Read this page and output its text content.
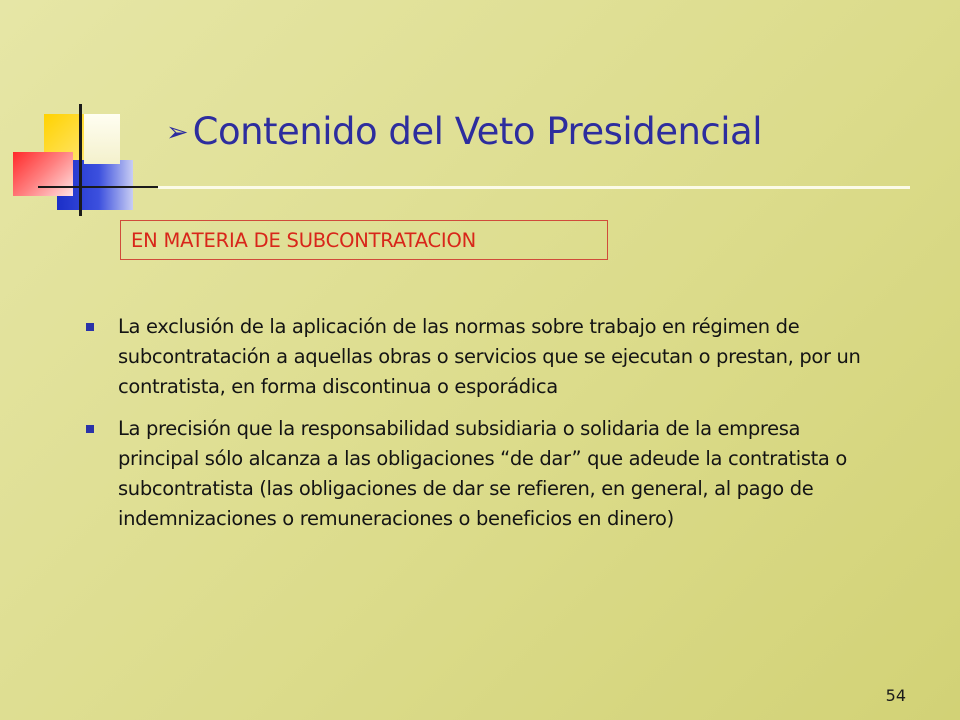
➢ Contenido del Veto Presidencial
EN MATERIA DE SUBCONTRATACION
La exclusión de la aplicación de las normas sobre trabajo en régimen de subcontratación a aquellas obras o servicios que se ejecutan o prestan, por un contratista, en forma discontinua o esporádica
La precisión que la responsabilidad subsidiaria o solidaria de la empresa principal sólo alcanza a las obligaciones “de dar” que adeude la contratista o subcontratista (las obligaciones de dar se refieren, en general, al pago de indemnizaciones o remuneraciones o beneficios en dinero)
54
